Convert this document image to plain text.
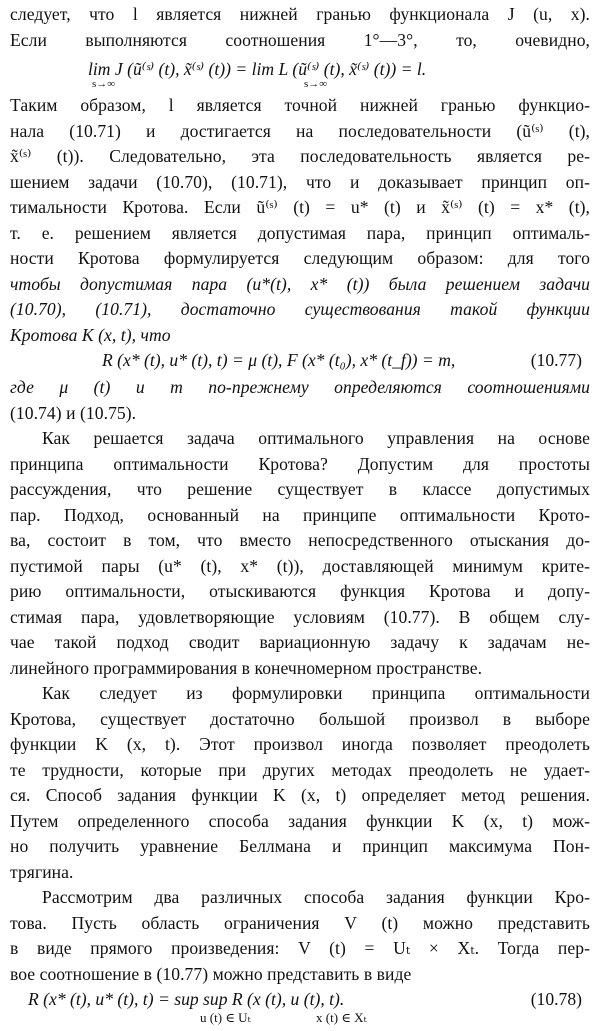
следует, что l является нижней гранью функционала J (u, x).
Если выполняются соотношения 1°—3°, то, очевидно,
lim J (ũ⁽ˢ⁾ (t), x̃⁽ˢ⁾ (t)) = lim L (ũ⁽ˢ⁾ (t), x̃⁽ˢ⁾ (t)) = l.
s→∞	s→∞
Таким образом, l является точной нижней гранью функцио-
нала (10.71) и достигается на последовательности (ũ⁽ˢ⁾ (t),
x̃⁽ˢ⁾ (t)). Следовательно, эта последовательность является ре-
шением задачи (10.70), (10.71), что и доказывает принцип оп-
тимальности Кротова. Если ũ⁽ˢ⁾ (t) = u* (t) и x̃⁽ˢ⁾ (t) = x* (t),
т. е. решением является допустимая пара, принцип оптималь-
ности Кротова формулируется следующим образом: для того
чтобы допустимая пара (u*(t), x* (t)) была решением задачи
(10.70), (10.71), достаточно существования такой функции
Кротова K (x, t), что
R (x* (t), u* (t), t) = μ (t), F (x* (t₀), x* (t_f)) = m,	(10.77)
где μ (t) и m по-прежнему определяются соотношениями
(10.74) и (10.75).
Как решается задача оптимального управления на основе
принципа оптимальности Кротова? Допустим для простоты
рассуждения, что решение существует в классе допустимых
пар. Подход, основанный на принципе оптимальности Крото-
ва, состоит в том, что вместо непосредственного отыскания до-
пустимой пары (u* (t), x* (t)), доставляющей минимум крите-
рию оптимальности, отыскиваются функция Кротова и допу-
стимая пара, удовлетворяющие условиям (10.77). В общем слу-
чае такой подход сводит вариационную задачу к задачам не-
линейного программирования в конечномерном пространстве.
Как следует из формулировки принципа оптимальности
Кротова, существует достаточно большой произвол в выборе
функции K (x, t). Этот произвол иногда позволяет преодолеть
те трудности, которые при других методах преодолеть не удает-
ся. Способ задания функции K (x, t) определяет метод решения.
Путем определенного способа задания функции K (x, t) мож-
но получить уравнение Беллмана и принцип максимума Пон-
трягина.
Рассмотрим два различных способа задания функции Кро-
това. Пусть область ограничения V (t) можно представить
в виде прямого произведения: V (t) = Uₜ × Xₜ. Тогда пер-
вое соотношение в (10.77) можно представить в виде
R (x* (t), u* (t), t) = sup sup R (x (t), u (t), t).	(10.78)
u (t) ∈ Uₜ	x (t) ∈ Xₜ
